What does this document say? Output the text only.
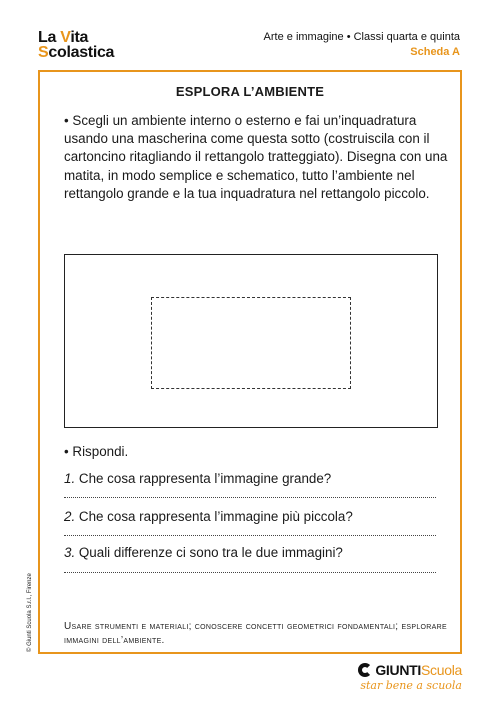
La Vita
Scolastica
Arte e immagine • Classi quarta e quinta
Scheda A
ESPLORA L’AMBIENTE

• Scegli un ambiente interno o esterno e fai un’inquadratura usando una mascherina come questa sotto (costruiscila con il cartoncino ritagliando il rettangolo tratteggiato). Disegna con una matita, in modo semplice e schematico, tutto l’ambiente nel rettangolo grande e la tua inquadratura nel rettangolo piccolo.

• Rispondi.
1. Che cosa rappresenta l’immagine grande?
2. Che cosa rappresenta l’immagine più piccola?
3. Quali differenze ci sono tra le due immagini?

Usare strumenti e materiali; conoscere concetti geometrici fondamentali; esplorare immagini dell’ambiente.

© Giunti Scuola S.r.l., Firenze
GIUNTIScuola
star bene a scuola
